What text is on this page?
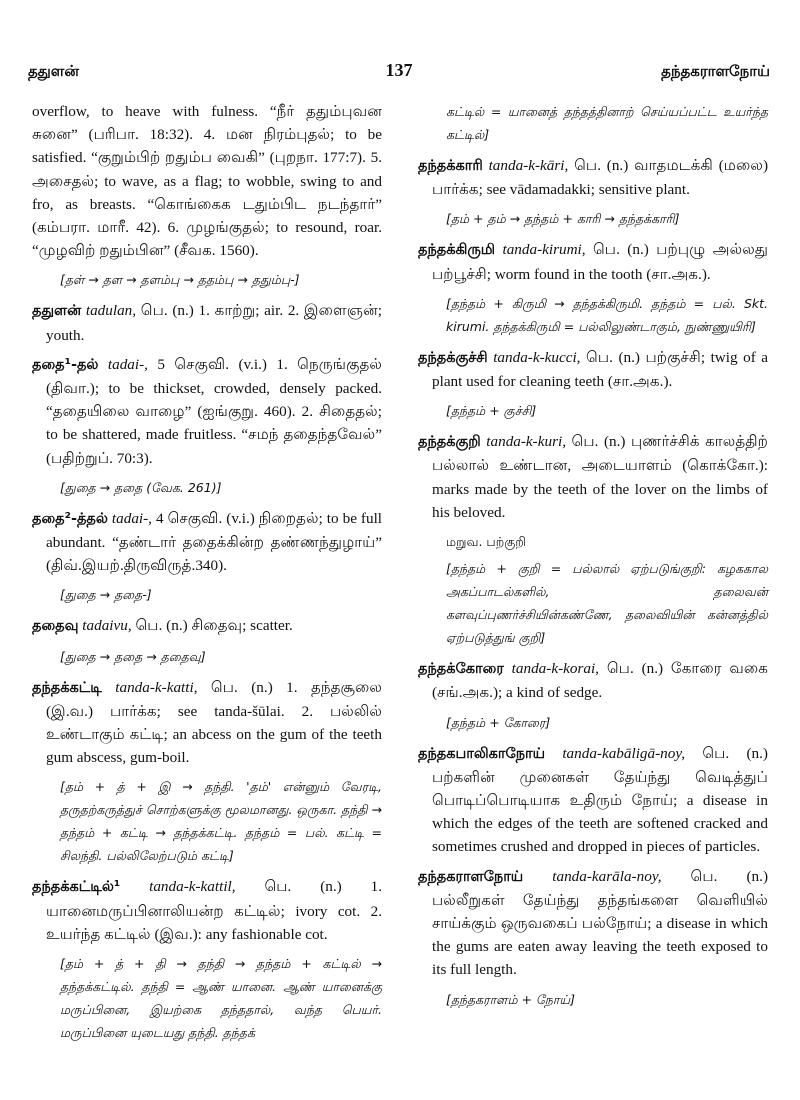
ததுளன்	137	தந்தகராளநோய்

overflow, to heave with fulness. “நீர் ததும்புவன சுனை” (பரிபா. 18:32). 4. மன நிரம்புதல்; to be satisfied. “குறும்பிற் றதும்ப வைகி” (புறநா. 177:7). 5. அசைதல்; to wave, as a flag; to wobble, swing to and fro, as breasts. “கொங்கைக டதும்பிட நடந்தார்” (கம்பரா. மாரீ. 42). 6. முழங்குதல்; to resound, roar. “முழவிற் றதும்பின” (சீவக. 1560).

[தள் → தள → தளம்பு → ததம்பு → ததும்பு-]

ததுளன் tadulan, பெ. (n.) 1. காற்று; air. 2. இளைஞன்; youth.

ததை¹-தல் tadai-, 5 செகுவி. (v.i.) 1. நெருங்குதல் (திவா.); to be thickset, crowded, densely packed. “ததையிலை வாழை” (ஐங்குறு. 460). 2. சிதைதல்; to be shattered, made fruitless. “சமந் ததைந்தவேல்” (பதிற்றுப். 70:3).

[துதை → ததை (வேக. 261)]

ததை²-த்தல் tadai-, 4 செகுவி. (v.i.) நிறைதல்; to be full abundant. “தண்டார் ததைக்கின்ற தண்ணந்துழாய்” (திவ்.இயற்.திருவிருத்.340).

[துதை → ததை-]

ததைவு tadaivu, பெ. (n.) சிதைவு; scatter.

[துதை → ததை → ததைவு]

தந்தக்கட்டி tanda-k-katti, பெ. (n.) 1. தந்தசூலை (இ.வ.) பார்க்க; see tanda-šūlai. 2. பல்லில் உண்டாகும் கட்டி; an abcess on the gum of the teeth gum abscess, gum-boil.

[தம் + த் + இ → தந்தி. 'தம்' என்னும் வேரடி, தருதற்கருத்துச் சொற்களுக்கு மூலமானது. ஒருகா. தந்தி → தந்தம் + கட்டி → தந்தக்கட்டி. தந்தம் = பல். கட்டி = சிலந்தி. பல்லிலேற்படும் கட்டி]

தந்தக்கட்டில்¹ tanda-k-kattil, பெ. (n.) 1. யானைமருப்பினாலியன்ற கட்டில்; ivory cot. 2. உயர்ந்த கட்டில் (இவ.): any fashionable cot.

[தம் + த் + தி → தந்தி → தந்தம் + கட்டில் → தந்தக்கட்டில். தந்தி = ஆண் யானை. ஆண் யானைக்கு மருப்பினை, இயற்கை தந்ததால், வந்த பெயர். மருப்பினை யுடையது தந்தி. தந்தக்

கட்டில் = யானைத் தந்தத்தினாற் செய்யப்பட்ட உயர்ந்த கட்டில்]

தந்தக்காரி tanda-k-kāri, பெ. (n.) வாதமடக்கி (மலை) பார்க்க; see vādamadakki; sensitive plant.

[தம் + தம் → தந்தம் + காரி → தந்தக்காரி]

தந்தக்கிருமி tanda-kirumi, பெ. (n.) பற்புழு அல்லது பற்பூச்சி; worm found in the tooth (சா.அக.).

[தந்தம் + கிருமி → தந்தக்கிருமி. தந்தம் = பல். Skt. kirumi. தந்தக்கிருமி = பல்லிலுண்டாகும், நுண்ணுயிரி]

தந்தக்குச்சி tanda-k-kucci, பெ. (n.) பற்குச்சி; twig of a plant used for cleaning teeth (சா.அக.).

[தந்தம் + குச்சி]

தந்தக்குறி tanda-k-kuri, பெ. (n.) புணர்ச்சிக் காலத்திற் பல்லால் உண்டான, அடையாளம் (கொக்கோ.): marks made by the teeth of the lover on the limbs of his beloved.

மறுவ. பற்குறி

[தந்தம் + குறி = பல்லால் ஏற்படுங்குறி: கழககால அகப்பாடல்களில், தலைவன் களவுப்புணர்ச்சியின்கண்ணே, தலைவியின் கன்னத்தில் ஏற்படுத்துங் குறி]

தந்தக்கோரை tanda-k-korai, பெ. (n.) கோரை வகை (சங்.அக.); a kind of sedge.

[தந்தம் + கோரை]

தந்தகபாலிகாநோய் tanda-kabāligā-noy, பெ. (n.) பற்களின் முனைகள் தேய்ந்து வெடித்துப் பொடிப்பொடியாக உதிரும் நோய்; a disease in which the edges of the teeth are softened cracked and sometimes crushed and dropped in pieces of particles.

தந்தகராளநோய் tanda-karāla-noy, பெ. (n.) பல்லீறுகள் தேய்ந்து தந்தங்களை வெளியில் சாய்க்கும் ஒருவகைப் பல்நோய்; a disease in which the gums are eaten away leaving the teeth exposed to its full length.

[தந்தகராளம் + நோய்]
